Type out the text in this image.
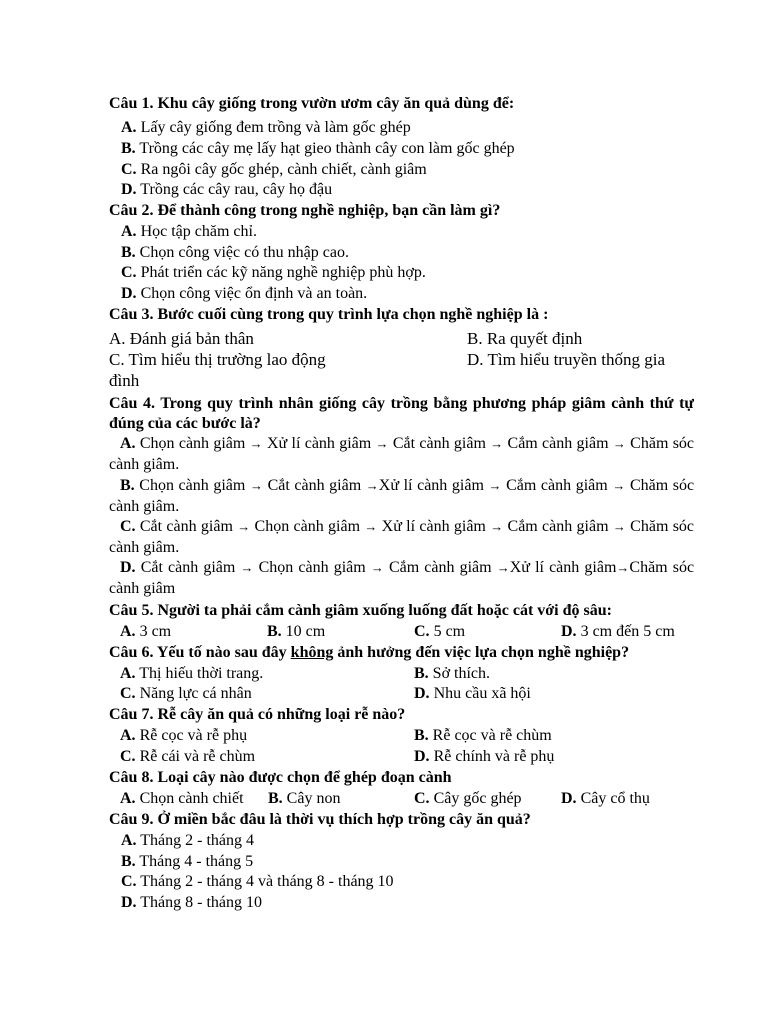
Câu 1. Khu cây giống trong vườn ươm cây ăn quả dùng để:
A. Lấy cây giống đem trồng và làm gốc ghép
B. Trồng các cây mẹ lấy hạt gieo thành cây con làm gốc ghép
C. Ra ngôi cây gốc ghép, cành chiết, cành giâm
D. Trồng các cây rau, cây họ đậu
Câu 2. Để thành công trong nghề nghiệp, bạn cần làm gì?
A. Học tập chăm chỉ.
B. Chọn công việc có thu nhập cao.
C. Phát triển các kỹ năng nghề nghiệp phù hợp.
D. Chọn công việc ổn định và an toàn.
Câu 3. Bước cuối cùng trong quy trình lựa chọn nghề nghiệp là :
A. Đánh giá bản thân	B. Ra quyết định
C. Tìm hiểu thị trường lao động	D. Tìm hiểu truyền thống gia
đình
Câu 4. Trong quy trình nhân giống cây trồng bằng phương pháp giâm cành thứ tự đúng của các bước là?
A. Chọn cành giâm → Xử lí cành giâm → Cắt cành giâm → Cắm cành giâm → Chăm sóc cành giâm.
B. Chọn cành giâm → Cắt cành giâm →Xử lí cành giâm → Cắm cành giâm → Chăm sóc cành giâm.
C. Cắt cành giâm → Chọn cành giâm → Xử lí cành giâm → Cắm cành giâm → Chăm sóc cành giâm.
D. Cắt cành giâm → Chọn cành giâm → Cắm cành giâm →Xử lí cành giâm→Chăm sóc cành giâm
Câu 5. Người ta phải cắm cành giâm xuống luống đất hoặc cát với độ sâu:
A. 3 cm	B. 10 cm	C. 5 cm	D. 3 cm đến 5 cm
Câu 6. Yếu tố nào sau đây không ảnh hưởng đến việc lựa chọn nghề nghiệp?
A. Thị hiếu thời trang.	B. Sở thích.
C. Năng lực cá nhân	D. Nhu cầu xã hội
Câu 7. Rễ cây ăn quả có những loại rễ nào?
A. Rễ cọc và rễ phụ	B. Rễ cọc và rễ chùm
C. Rễ cái và rễ chùm	D. Rễ chính và rễ phụ
Câu 8. Loại cây nào được chọn để ghép đoạn cành
A. Chọn cành chiết B. Cây non	C. Cây gốc ghép D. Cây cổ thụ
Câu 9. Ở miền bắc đâu là thời vụ thích hợp trồng cây ăn quả?
A. Tháng 2 - tháng 4
B. Tháng 4 - tháng 5
C. Tháng 2 - tháng 4 và tháng 8 - tháng 10
D. Tháng 8 - tháng 10
